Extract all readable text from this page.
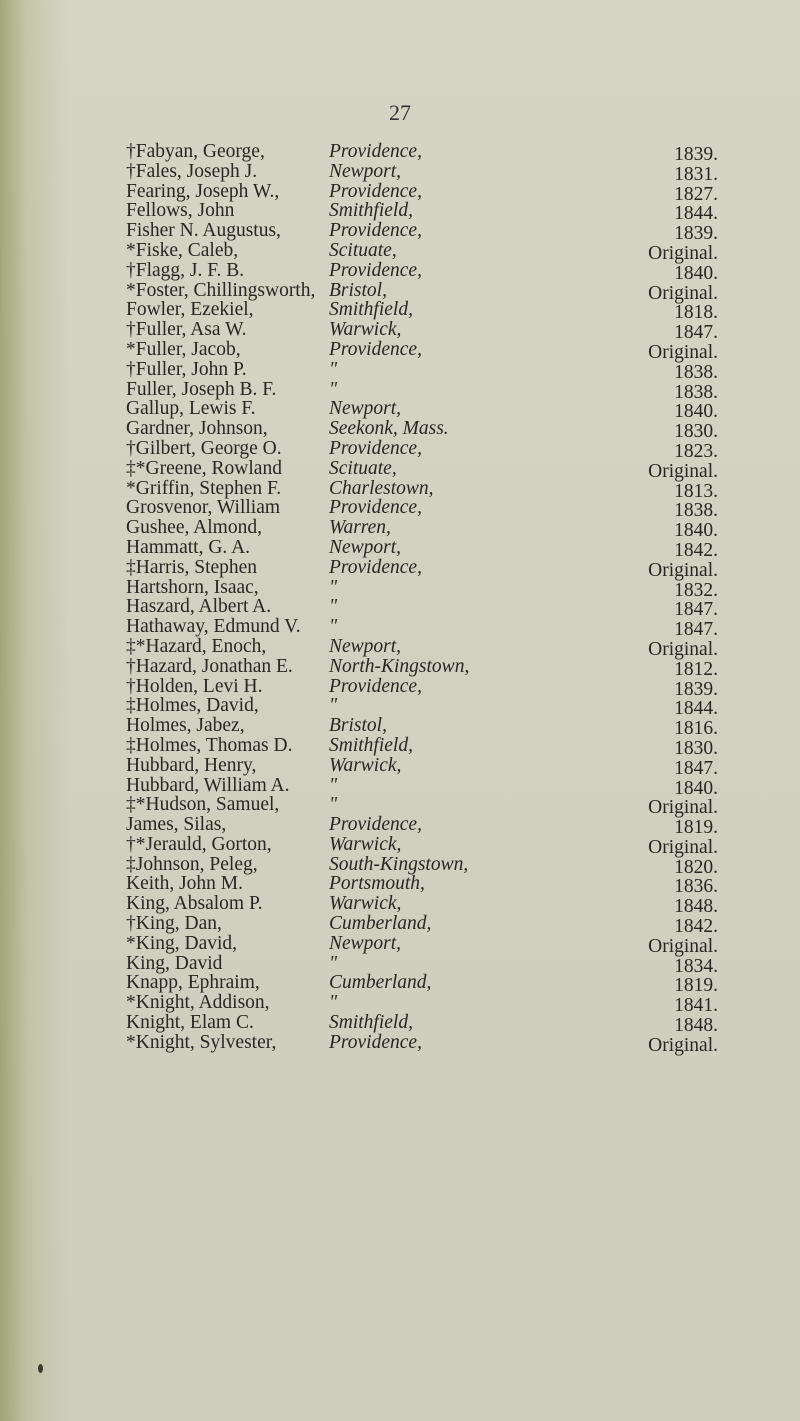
27
†Fabyan, George,	Providence,	1839.
†Fales, Joseph J.	Newport,	1831.
Fearing, Joseph W.,	Providence,	1827.
Fellows, John	Smithfield,	1844.
Fisher N. Augustus, Providence,	1839.
*Fiske, Caleb,	Scituate,	Original.
†Flagg, J. F. B.	Providence,	1840.
*Foster, Chillingsworth, Bristol,	Original.
Fowler, Ezekiel,	Smithfield,	1818.
†Fuller, Asa W.	Warwick,	1847.
*Fuller, Jacob,	Providence,	Original.
†Fuller, John P.	"	1838.
Fuller, Joseph B. F.	"	1838.
Gallup, Lewis F.	Newport,	1840.
Gardner, Johnson,	Seekonk, Mass.	1830.
†Gilbert, George O. Providence,	1823.
‡*Greene, Rowland Scituate,	Original.
*Griffin, Stephen F. Charlestown,	1813.
Grosvenor, William	Providence,	1838.
Gushee, Almond,	Warren,	1840.
Hammatt, G. A.	Newport,	1842.
‡Harris, Stephen	Providence,	Original.
Hartshorn, Isaac,	"	1832.
Haszard, Albert A.	"	1847.
Hathaway, Edmund V. "	1847.
‡*Hazard, Enoch,	Newport,	Original.
†Hazard, Jonathan E. North-Kingstown,	1812.
†Holden, Levi H.	Providence,	1839.
‡Holmes, David,	"	1844.
Holmes, Jabez,	Bristol,	1816.
‡Holmes, Thomas D. Smithfield,	1830.
Hubbard, Henry,	Warwick,	1847.
Hubbard, William A. "	1840.
‡*Hudson, Samuel,	"	Original.
James, Silas,	Providence,	1819.
†*Jerauld, Gorton,	Warwick,	Original.
‡Johnson, Peleg,	South-Kingstown,	1820.
Keith, John M.	Portsmouth,	1836.
King, Absalom P.	Warwick,	1848.
†King, Dan,	Cumberland,	1842.
*King, David,	Newport,	Original.
King, David	"	1834.
Knapp, Ephraim,	Cumberland,	1819.
*Knight, Addison,	"	1841.
Knight, Elam C.	Smithfield,	1848.
*Knight, Sylvester,	Providence,	Original.
